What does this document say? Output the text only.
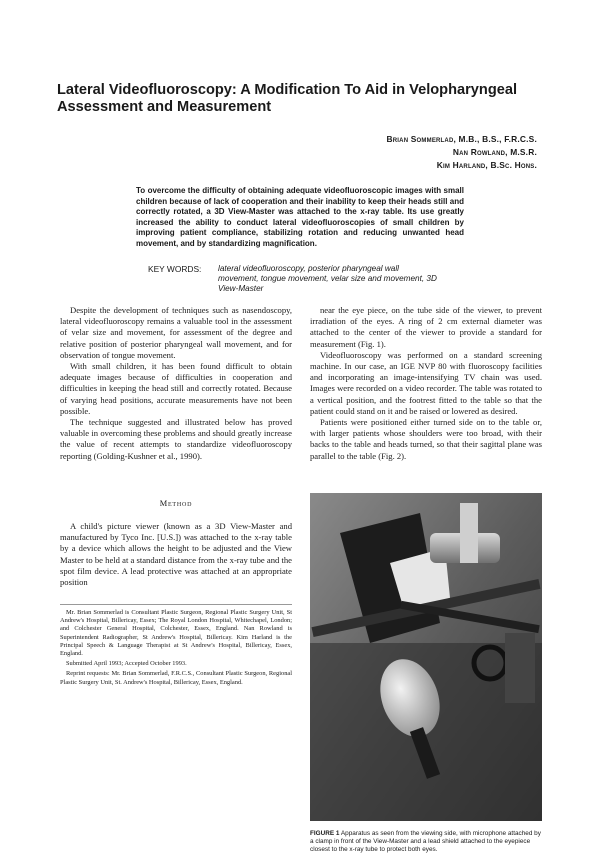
Lateral Videofluoroscopy: A Modification To Aid in Velopharyngeal Assessment and Measurement
Brian Sommerlad, M.B., B.S., F.R.C.S.
Nan Rowland, M.S.R.
Kim Harland, B.Sc. Hons.

To overcome the difficulty of obtaining adequate videofluoroscopic images with small children because of lack of cooperation and their inability to keep their heads still and correctly rotated, a 3D View-Master was attached to the x-ray table. Its use greatly increased the ability to conduct lateral videofluoroscopies of small children by improving patient compliance, stabilizing rotation and reducing unwanted head movement, and by standardizing magnification.

KEY WORDS: lateral videofluoroscopy, posterior pharyngeal wall movement, tongue movement, velar size and movement, 3D View-Master

Despite the development of techniques such as nasendoscopy, lateral videofluoroscopy remains a valuable tool in the assessment of velar size and movement, for assessment of the degree and relative position of posterior pharyngeal wall movement, and for observation of tongue movement.

With small children, it has been found difficult to obtain adequate images because of difficulties in cooperation and difficulties in keeping the head still and correctly rotated. Because of varying head positions, accurate measurements have not been possible.

The technique suggested and illustrated below has proved valuable in overcoming these problems and should greatly increase the value of recent attempts to standardize videofluoroscopy reporting (Golding-Kushner et al., 1990).

Method

A child's picture viewer (known as a 3D View-Master and manufactured by Tyco Inc. [U.S.]) was attached to the x-ray table by a device which allows the height to be adjusted and the View Master to be held at a standard distance from the x-ray tube and the spot film device. A lead protective was attached at an appropriate position

Mr. Brian Sommerlad is Consultant Plastic Surgeon, Regional Plastic Surgery Unit, St Andrew's Hospital, Billericay, Essex; The Royal London Hospital, Whitechapel, London; and Colchester General Hospital, Colchester, Essex, England. Nan Rowland is Superintendent Radiographer, St Andrew's Hospital, Billericay. Kim Harland is the Principal Speech & Language Therapist at St Andrew's Hospital, Billericay, Essex, England.

Submitted April 1993; Accepted October 1993.

Reprint requests: Mr. Brian Sommerlad, F.R.C.S., Consultant Plastic Surgeon, Regional Plastic Surgery Unit, St. Andrew's Hospital, Billericay, Essex, England.

near the eye piece, on the tube side of the viewer, to prevent irradiation of the eyes. A ring of 2 cm external diameter was attached to the center of the viewer to provide a standard for measurement (Fig. 1).

Videofluoroscopy was performed on a standard screening machine. In our case, an IGE NVP 80 with fluoroscopy facilities and incorporating an image-intensifying TV chain was used. Images were recorded on a video recorder. The table was rotated to a vertical position, and the footrest fitted to the table so that the patient could stand on it and be raised or lowered as desired.

Patients were positioned either turned side on to the table or, with larger patients whose shoulders were too broad, with their backs to the table and heads turned, so that their sagittal plane was parallel to the table (Fig. 2).

FIGURE 1 Apparatus as seen from the viewing side, with microphone attached by a clamp in front of the View-Master and a lead shield attached to the eyepiece closest to the x-ray tube to protect both eyes.
